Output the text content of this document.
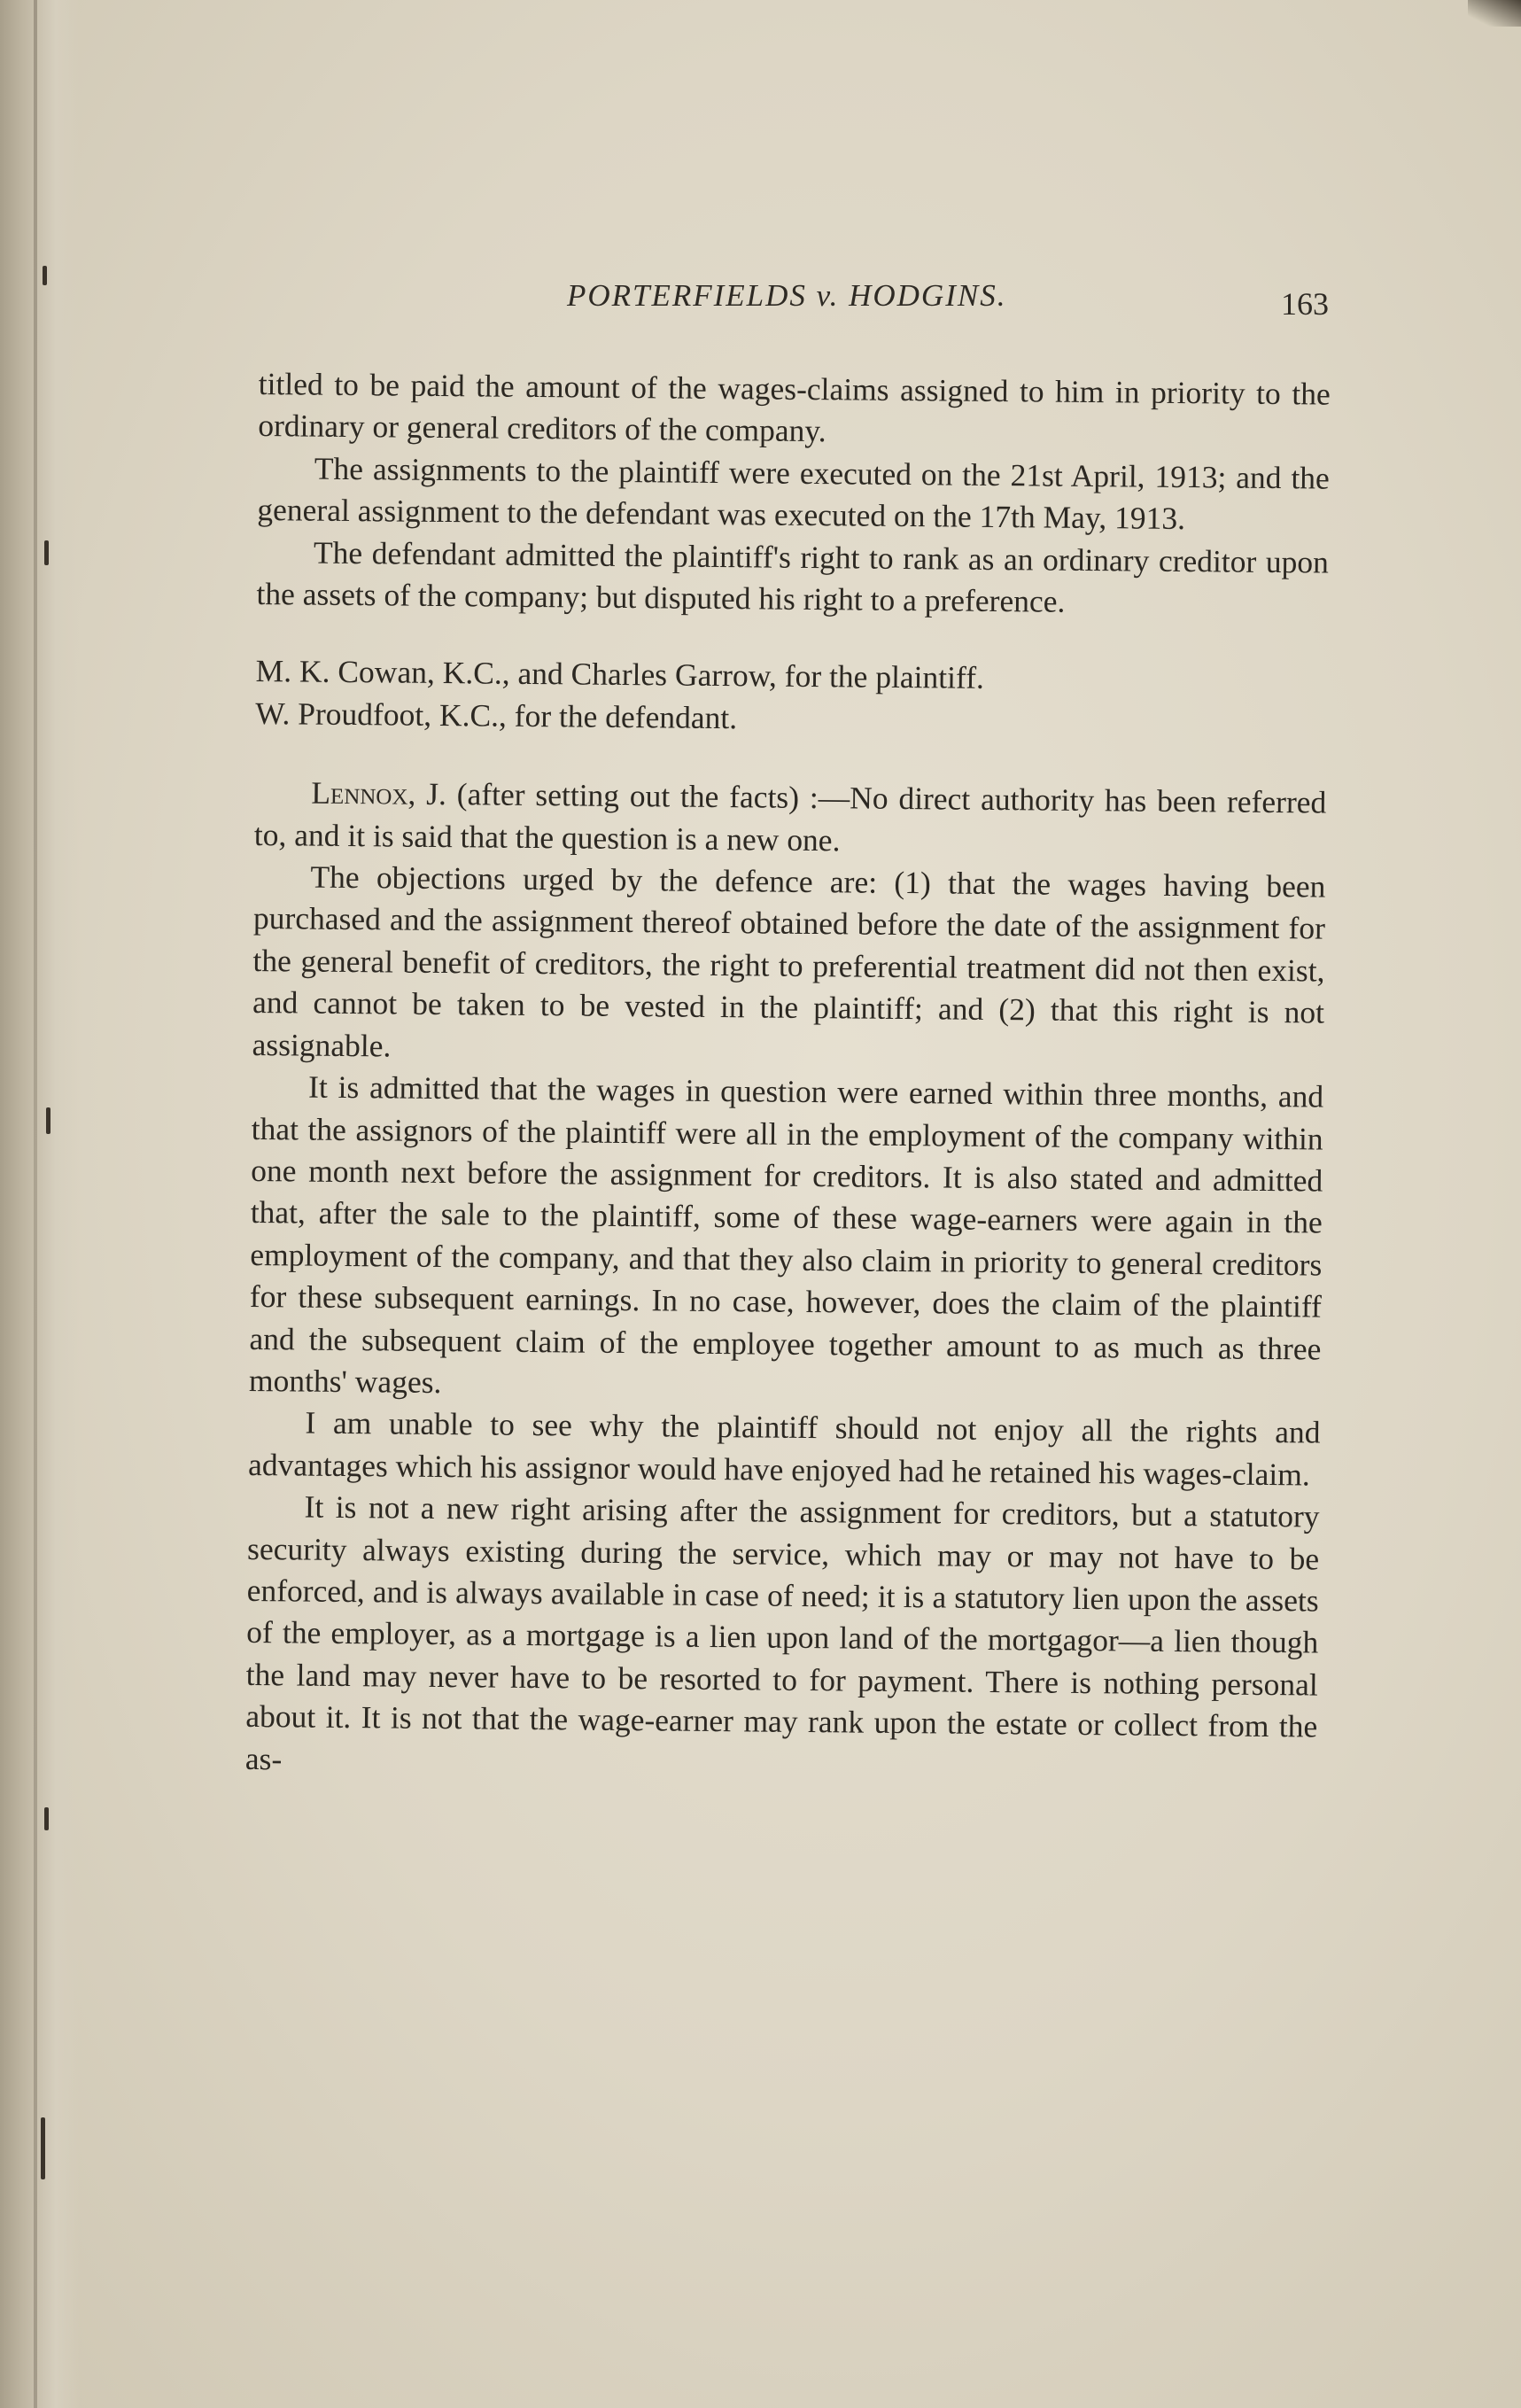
PORTERFIELDS v. HODGINS.	163

titled to be paid the amount of the wages-claims assigned to him in priority to the ordinary or general creditors of the company.

The assignments to the plaintiff were executed on the 21st April, 1913; and the general assignment to the defendant was executed on the 17th May, 1913.

The defendant admitted the plaintiff's right to rank as an ordinary creditor upon the assets of the company; but disputed his right to a preference.

M. K. Cowan, K.C., and Charles Garrow, for the plaintiff.

W. Proudfoot, K.C., for the defendant.

Lennox, J. (after setting out the facts) :—No direct authority has been referred to, and it is said that the question is a new one.

The objections urged by the defence are: (1) that the wages having been purchased and the assignment thereof obtained before the date of the assignment for the general benefit of creditors, the right to preferential treatment did not then exist, and cannot be taken to be vested in the plaintiff; and (2) that this right is not assignable.

It is admitted that the wages in question were earned within three months, and that the assignors of the plaintiff were all in the employment of the company within one month next before the assignment for creditors. It is also stated and admitted that, after the sale to the plaintiff, some of these wage-earners were again in the employment of the company, and that they also claim in priority to general creditors for these subsequent earnings. In no case, however, does the claim of the plaintiff and the subsequent claim of the employee together amount to as much as three months' wages.

I am unable to see why the plaintiff should not enjoy all the rights and advantages which his assignor would have enjoyed had he retained his wages-claim.

It is not a new right arising after the assignment for creditors, but a statutory security always existing during the service, which may or may not have to be enforced, and is always available in case of need; it is a statutory lien upon the assets of the employer, as a mortgage is a lien upon land of the mortgagor—a lien though the land may never have to be resorted to for payment. There is nothing personal about it. It is not that the wage-earner may rank upon the estate or collect from the as-
